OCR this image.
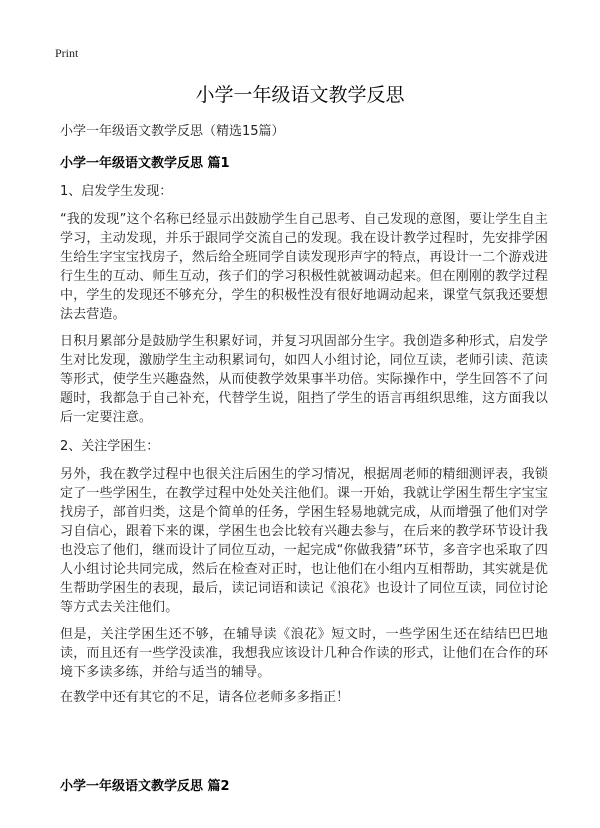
Print
小学一年级语文教学反思
小学一年级语文教学反思（精选15篇）
小学一年级语文教学反思 篇1
1、启发学生发现：

“我的发现”这个名称已经显示出鼓励学生自己思考、自己发现的意图，要让学生自主学习，主动发现，并乐于跟同学交流自己的发现。我在设计教学过程时，先安排学困生给生字宝宝找房子，然后给全班同学自读发现形声字的特点，再设计一二个游戏进行生生的互动、师生互动，孩子们的学习积极性就被调动起来。但在刚刚的教学过程中，学生的发现还不够充分，学生的积极性没有很好地调动起来，课堂气氛我还要想法去营造。

日积月累部分是鼓励学生积累好词，并复习巩固部分生字。我创造多种形式，启发学生对比发现，激励学生主动积累词句，如四人小组讨论，同位互读，老师引读、范读等形式，使学生兴趣盎然，从而使教学效果事半功倍。实际操作中，学生回答不了问题时，我都急于自己补充，代替学生说，阻挡了学生的语言再组织思维，这方面我以后一定要注意。

2、关注学困生：

另外，我在教学过程中也很关注后困生的学习情况，根据周老师的精细测评表，我锁定了一些学困生，在教学过程中处处关注他们。课一开始，我就让学困生帮生字宝宝找房子，部首归类，这是个简单的任务，学困生轻易地就完成，从而增强了他们对学习自信心，跟着下来的课，学困生也会比较有兴趣去参与，在后来的教学环节设计我也没忘了他们，继而设计了同位互动，一起完成“你做我猜”环节，多音字也采取了四人小组讨论共同完成，然后在检查对正时，也让他们在小组内互相帮助，其实就是优生帮助学困生的表现，最后，读记词语和读记《浪花》也设计了同位互读，同位讨论等方式去关注他们。

但是，关注学困生还不够，在辅导读《浪花》短文时，一些学困生还在结结巴巴地读，而且还有一些学没读准，我想我应该设计几种合作读的形式，让他们在合作的环境下多读多练，并给与适当的辅导。

在教学中还有其它的不足，请各位老师多多指正！

小学一年级语文教学反思 篇2
